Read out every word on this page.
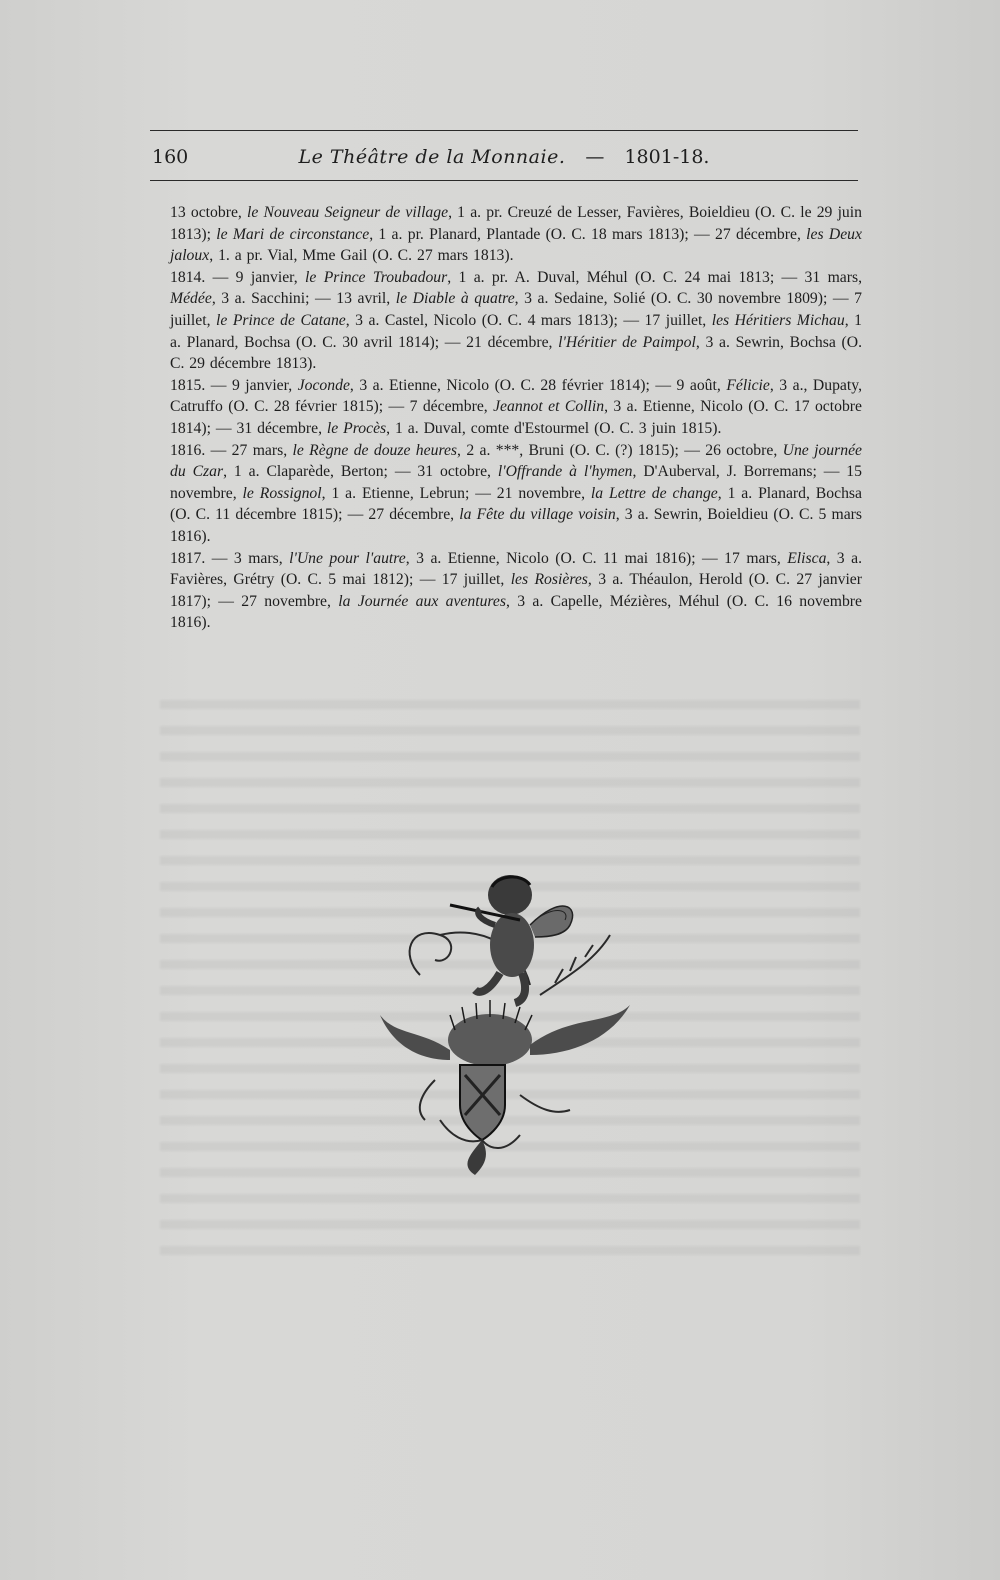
160	Le Théâtre de la Monnaie. — 1801-18.

13 octobre, le Nouveau Seigneur de village, 1 a. pr. Creuzé de Lesser, Favières, Boieldieu (O. C. le 29 juin 1813); le Mari de circonstance, 1 a. pr. Planard, Plantade (O. C. 18 mars 1813); — 27 décembre, les Deux jaloux, 1. a pr. Vial, Mme Gail (O. C. 27 mars 1813).

1814. — 9 janvier, le Prince Troubadour, 1 a. pr. A. Duval, Méhul (O. C. 24 mai 1813; — 31 mars, Médée, 3 a. Sacchini; — 13 avril, le Diable à quatre, 3 a. Sedaine, Solié (O. C. 30 novembre 1809); — 7 juillet, le Prince de Catane, 3 a. Castel, Nicolo (O. C. 4 mars 1813); — 17 juillet, les Héritiers Michau, 1 a. Planard, Bochsa (O. C. 30 avril 1814); — 21 décembre, l'Héritier de Paimpol, 3 a. Sewrin, Bochsa (O. C. 29 décembre 1813).

1815. — 9 janvier, Joconde, 3 a. Etienne, Nicolo (O. C. 28 février 1814); — 9 août, Félicie, 3 a., Dupaty, Catruffo (O. C. 28 février 1815); — 7 décembre, Jeannot et Collin, 3 a. Etienne, Nicolo (O. C. 17 octobre 1814); — 31 décembre, le Procès, 1 a. Duval, comte d'Estourmel (O. C. 3 juin 1815).

1816. — 27 mars, le Règne de douze heures, 2 a. ***, Bruni (O. C. (?) 1815); — 26 octobre, Une journée du Czar, 1 a. Claparède, Berton; — 31 octobre, l'Offrande à l'hymen, D'Auberval, J. Borremans; — 15 novembre, le Rossignol, 1 a. Etienne, Lebrun; — 21 novembre, la Lettre de change, 1 a. Planard, Bochsa (O. C. 11 décembre 1815); — 27 décembre, la Fête du village voisin, 3 a. Sewrin, Boieldieu (O. C. 5 mars 1816).

1817. — 3 mars, l'Une pour l'autre, 3 a. Etienne, Nicolo (O. C. 11 mai 1816); — 17 mars, Elisca, 3 a. Favières, Grétry (O. C. 5 mai 1812); — 17 juillet, les Rosières, 3 a. Théaulon, Herold (O. C. 27 janvier 1817); — 27 novembre, la Journée aux aventures, 3 a. Capelle, Mézières, Méhul (O. C. 16 novembre 1816).
